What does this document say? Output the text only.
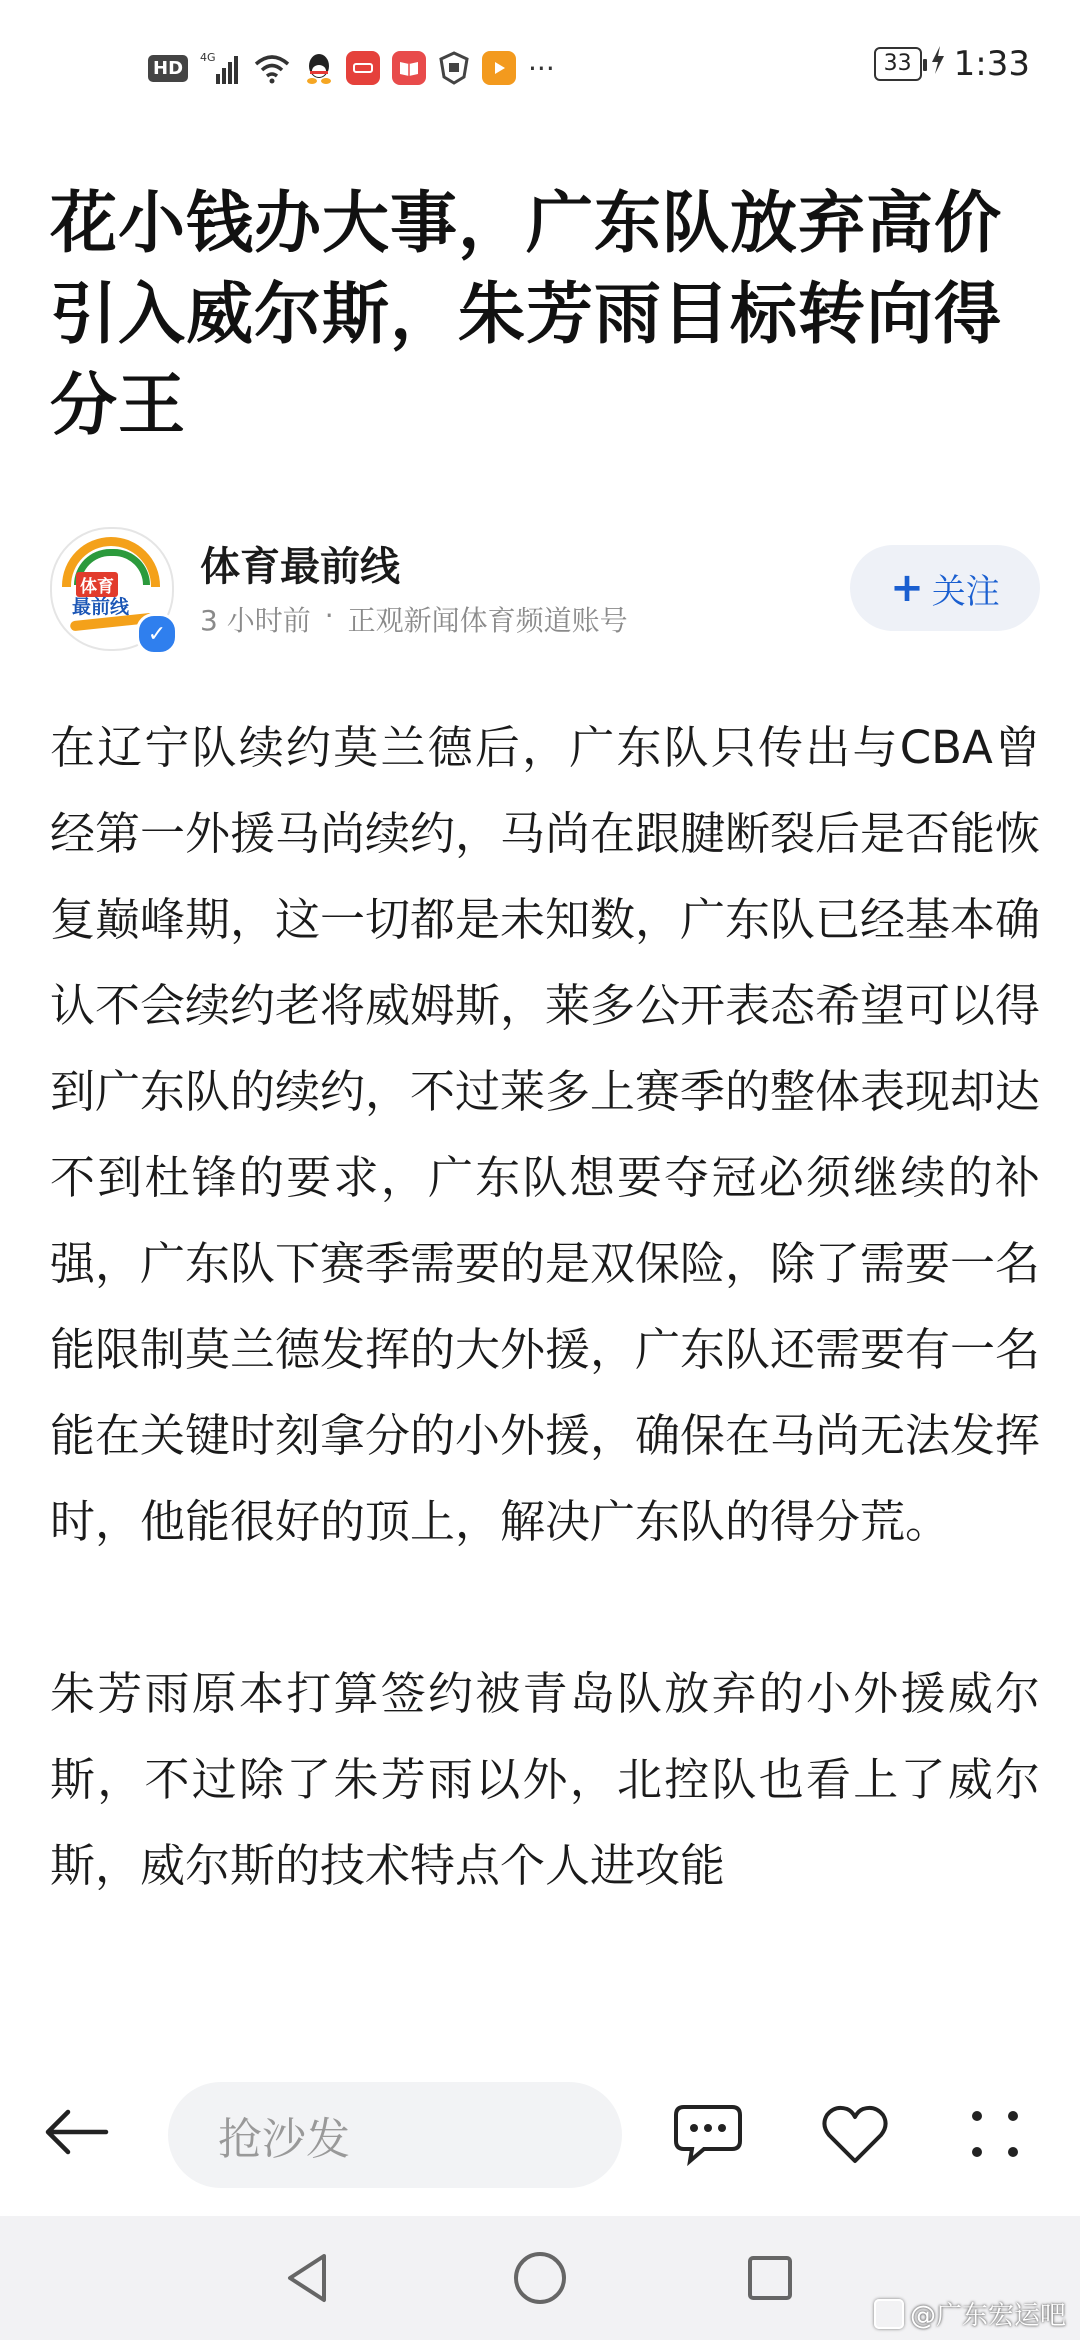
HD	4G	···	33 1:33
花小钱办大事，广东队放弃高价引入威尔斯，朱芳雨目标转向得分王
体育
最前线
✓
体育最前线
3 小时前 · 正观新闻体育频道账号
+ 关注

在辽宁队续约莫兰德后，广东队只传出与CBA曾经第一外援马尚续约，马尚在跟腱断裂后是否能恢复巅峰期，这一切都是未知数，广东队已经基本确认不会续约老将威姆斯，莱多公开表态希望可以得到广东队的续约，不过莱多上赛季的整体表现却达不到杜锋的要求，广东队想要夺冠必须继续的补强，广东队下赛季需要的是双保险，除了需要一名能限制莫兰德发挥的大外援，广东队还需要有一名能在关键时刻拿分的小外援，确保在马尚无法发挥时，他能很好的顶上，解决广东队的得分荒。

朱芳雨原本打算签约被青岛队放弃的小外援威尔斯，不过除了朱芳雨以外，北控队也看上了威尔斯，威尔斯的技术特点个人进攻能

抢沙发
@广东宏运吧
